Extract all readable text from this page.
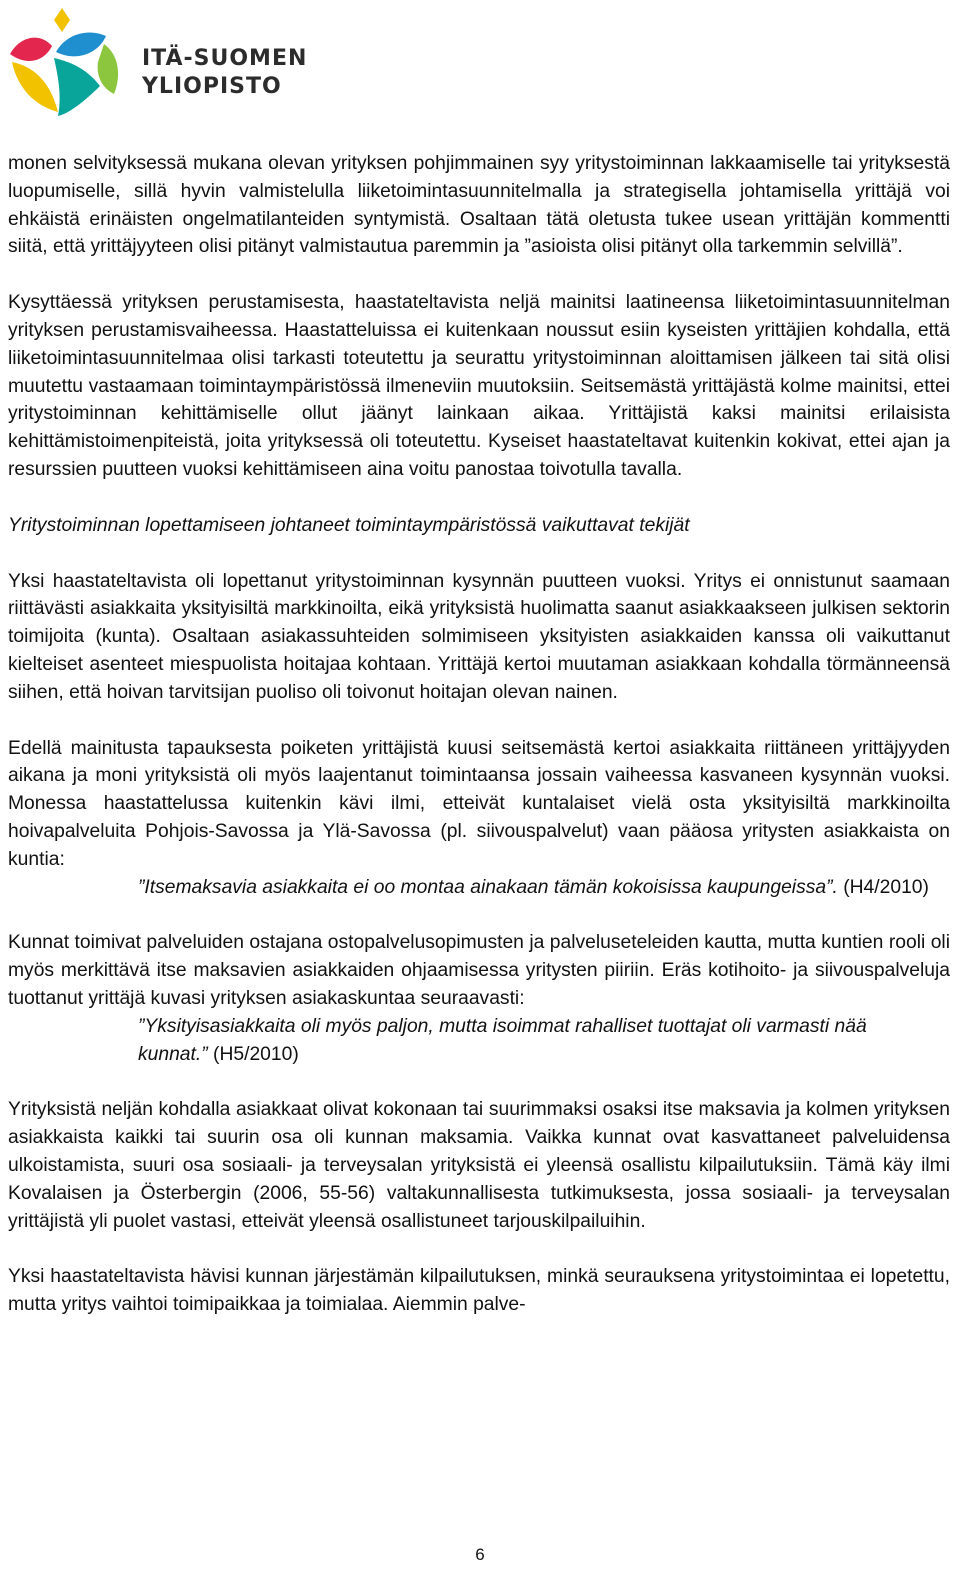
ITÄ-SUOMEN
YLIOPISTO

monen selvityksessä mukana olevan yrityksen pohjimmainen syy yritystoiminnan lakkaamiselle tai yrityksestä luopumiselle, sillä hyvin valmistelulla liiketoimintasuunnitelmalla ja strategisella johtamisella yrittäjä voi ehkäistä erinäisten ongelmatilanteiden syntymistä. Osaltaan tätä oletusta tukee usean yrittäjän kommentti siitä, että yrittäjyyteen olisi pitänyt valmistautua paremmin ja ”asioista olisi pitänyt olla tarkemmin selvillä”.

Kysyttäessä yrityksen perustamisesta, haastateltavista neljä mainitsi laatineensa liiketoimintasuunnitelman yrityksen perustamisvaiheessa. Haastatteluissa ei kuitenkaan noussut esiin kyseisten yrittäjien kohdalla, että liiketoimintasuunnitelmaa olisi tarkasti toteutettu ja seurattu yritystoiminnan aloittamisen jälkeen tai sitä olisi muutettu vastaamaan toimintaympäristössä ilmeneviin muutoksiin. Seitsemästä yrittäjästä kolme mainitsi, ettei yritystoiminnan kehittämiselle ollut jäänyt lainkaan aikaa. Yrittäjistä kaksi mainitsi erilaisista kehittämistoimenpiteistä, joita yrityksessä oli toteutettu. Kyseiset haastateltavat kuitenkin kokivat, ettei ajan ja resurssien puutteen vuoksi kehittämiseen aina voitu panostaa toivotulla tavalla.

Yritystoiminnan lopettamiseen johtaneet toimintaympäristössä vaikuttavat tekijät

Yksi haastateltavista oli lopettanut yritystoiminnan kysynnän puutteen vuoksi. Yritys ei onnistunut saamaan riittävästi asiakkaita yksityisiltä markkinoilta, eikä yrityksistä huolimatta saanut asiakkaakseen julkisen sektorin toimijoita (kunta). Osaltaan asiakassuhteiden solmimiseen yksityisten asiakkaiden kanssa oli vaikuttanut kielteiset asenteet miespuolista hoitajaa kohtaan. Yrittäjä kertoi muutaman asiakkaan kohdalla törmänneensä siihen, että hoivan tarvitsijan puoliso oli toivonut hoitajan olevan nainen.

Edellä mainitusta tapauksesta poiketen yrittäjistä kuusi seitsemästä kertoi asiakkaita riittäneen yrittäjyyden aikana ja moni yrityksistä oli myös laajentanut toimintaansa jossain vaiheessa kasvaneen kysynnän vuoksi. Monessa haastattelussa kuitenkin kävi ilmi, etteivät kuntalaiset vielä osta yksityisiltä markkinoilta hoivapalveluita Pohjois-Savossa ja Ylä-Savossa (pl. siivouspalvelut) vaan pääosa yritysten asiakkaista on kuntia:

”Itsemaksavia asiakkaita ei oo montaa ainakaan tämän kokoisissa kaupungeissa”. (H4/2010)

Kunnat toimivat palveluiden ostajana ostopalvelusopimusten ja palveluseteleiden kautta, mutta kuntien rooli oli myös merkittävä itse maksavien asiakkaiden ohjaamisessa yritysten piiriin. Eräs kotihoito- ja siivouspalveluja tuottanut yrittäjä kuvasi yrityksen asiakaskuntaa seuraavasti:

”Yksityisasiakkaita oli myös paljon, mutta isoimmat rahalliset tuottajat oli varmasti nää kunnat.” (H5/2010)

Yrityksistä neljän kohdalla asiakkaat olivat kokonaan tai suurimmaksi osaksi itse maksavia ja kolmen yrityksen asiakkaista kaikki tai suurin osa oli kunnan maksamia. Vaikka kunnat ovat kasvattaneet palveluidensa ulkoistamista, suuri osa sosiaali- ja terveysalan yrityksistä ei yleensä osallistu kilpailutuksiin. Tämä käy ilmi Kovalaisen ja Österbergin (2006, 55-56) valtakunnallisesta tutkimuksesta, jossa sosiaali- ja terveysalan yrittäjistä yli puolet vastasi, etteivät yleensä osallistuneet tarjouskilpailuihin.

Yksi haastateltavista hävisi kunnan järjestämän kilpailutuksen, minkä seurauksena yritystoimintaa ei lopetettu, mutta yritys vaihtoi toimipaikkaa ja toimialaa. Aiemmin palve-

6
